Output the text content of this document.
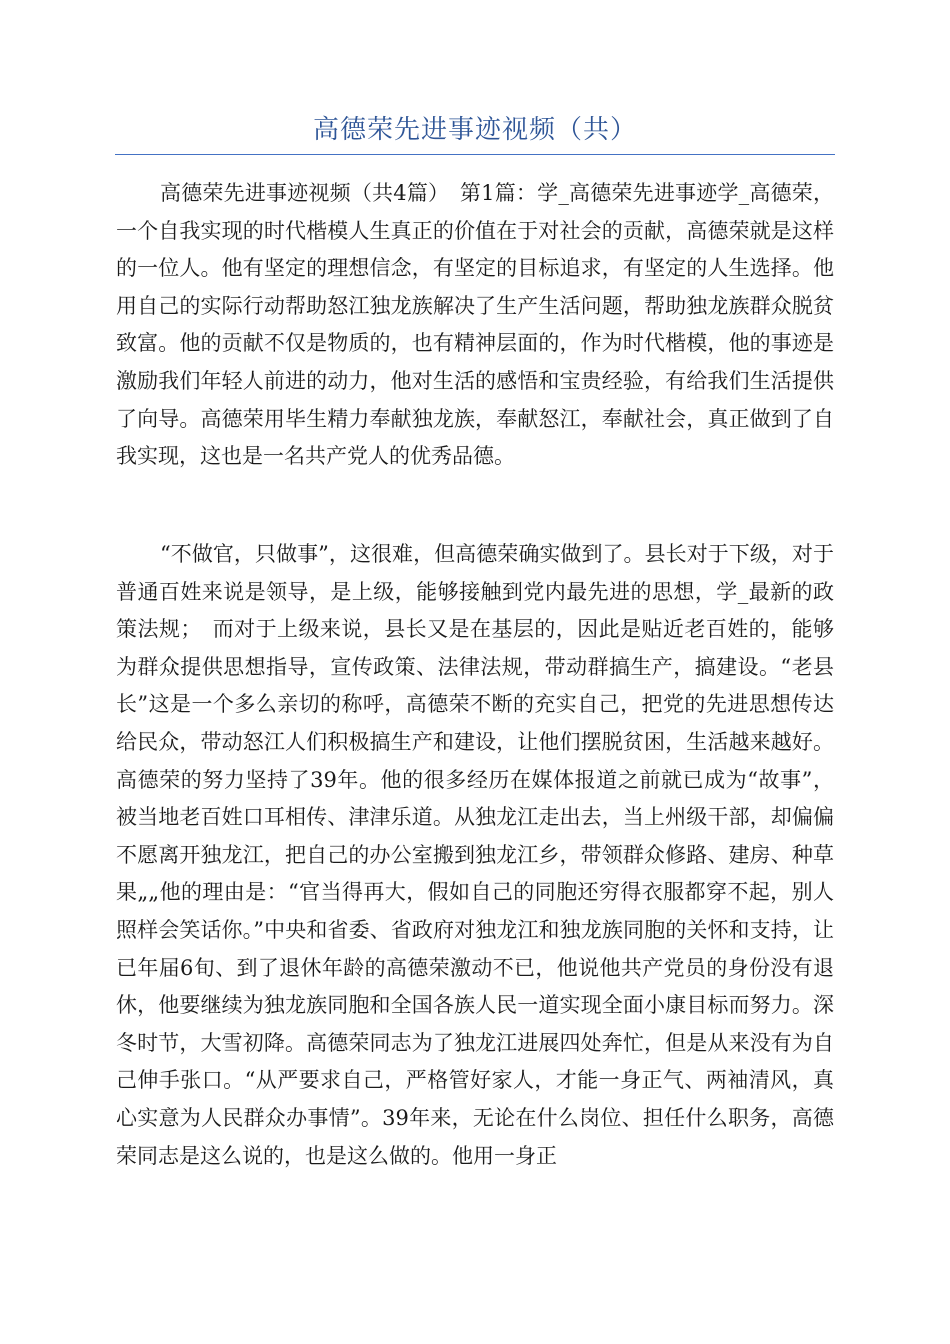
高德荣先进事迹视频（共）

高德荣先进事迹视频（共4篇）　第1篇：学_高德荣先进事迹学_高德荣，一个自我实现的时代楷模人生真正的价值在于对社会的贡献，高德荣就是这样的一位人。他有坚定的理想信念，有坚定的目标追求，有坚定的人生选择。他用自己的实际行动帮助怒江独龙族解决了生产生活问题，帮助独龙族群众脱贫致富。他的贡献不仅是物质的，也有精神层面的，作为时代楷模，他的事迹是激励我们年轻人前进的动力，他对生活的感悟和宝贵经验，有给我们生活提供了向导。高德荣用毕生精力奉献独龙族，奉献怒江，奉献社会，真正做到了自我实现，这也是一名共产党人的优秀品德。

“不做官，只做事”，这很难，但高德荣确实做到了。县长对于下级，对于普通百姓来说是领导，是上级，能够接触到党内最先进的思想，学_最新的政策法规；　而对于上级来说，县长又是在基层的，因此是贴近老百姓的，能够为群众提供思想指导，宣传政策、法律法规，带动群搞生产，搞建设。“老县长”这是一个多么亲切的称呼，高德荣不断的充实自己，把党的先进思想传达给民众，带动怒江人们积极搞生产和建设，让他们摆脱贫困，生活越来越好。高德荣的努力坚持了39年。他的很多经历在媒体报道之前就已成为“故事”，被当地老百姓口耳相传、津津乐道。从独龙江走出去，当上州级干部，却偏偏不愿离开独龙江，把自己的办公室搬到独龙江乡，带领群众修路、建房、种草果„„他的理由是：“官当得再大，假如自己的同胞还穷得衣服都穿不起，别人照样会笑话你。”中央和省委、省政府对独龙江和独龙族同胞的关怀和支持，让已年届6旬、到了退休年龄的高德荣激动不已，他说他共产党员的身份没有退休，他要继续为独龙族同胞和全国各族人民一道实现全面小康目标而努力。深冬时节，大雪初降。高德荣同志为了独龙江进展四处奔忙，但是从来没有为自己伸手张口。“从严要求自己，严格管好家人，才能一身正气、两袖清风，真心实意为人民群众办事情”。39年来，无论在什么岗位、担任什么职务，高德荣同志是这么说的，也是这么做的。他用一身正
